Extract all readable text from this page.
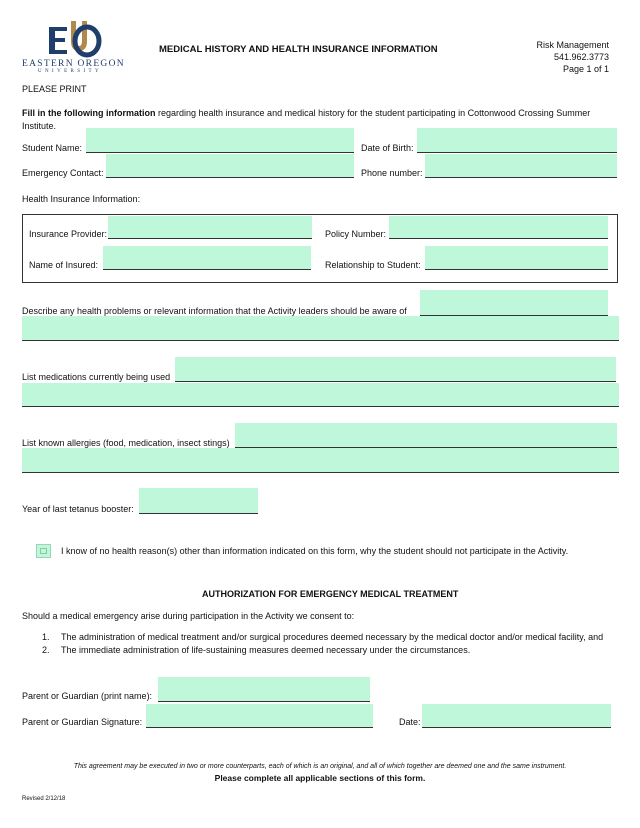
EASTERN OREGON
UNIVERSITY
MEDICAL HISTORY AND HEALTH INSURANCE INFORMATION	Risk Management
541.962.3773
Page 1 of 1
PLEASE PRINT
Fill in the following information regarding health insurance and medical history for the student participating in Cottonwood Crossing Summer
Institute.
Student Name:	Date of Birth:
Emergency Contact:	Phone number:
Health Insurance Information:
Insurance Provider:	Policy Number:
Name of Insured:	Relationship to Student:
Describe any health problems or relevant information that the Activity leaders should be aware of
List medications currently being used
List known allergies (food, medication, insect stings)
Year of last tetanus booster:
I know of no health reason(s) other than information indicated on this form, why the student should not participate in the Activity.
AUTHORIZATION FOR EMERGENCY MEDICAL TREATMENT
Should a medical emergency arise during participation in the Activity we consent to:
1. The administration of medical treatment and/or surgical procedures deemed necessary by the medical doctor and/or medical facility, and
2. The immediate administration of life-sustaining measures deemed necessary under the circumstances.
Parent or Guardian (print name):
Parent or Guardian Signature:	Date:
This agreement may be executed in two or more counterparts, each of which is an original, and all of which together are deemed one and the same instrument.
Please complete all applicable sections of this form.
Revised 2/12/18
